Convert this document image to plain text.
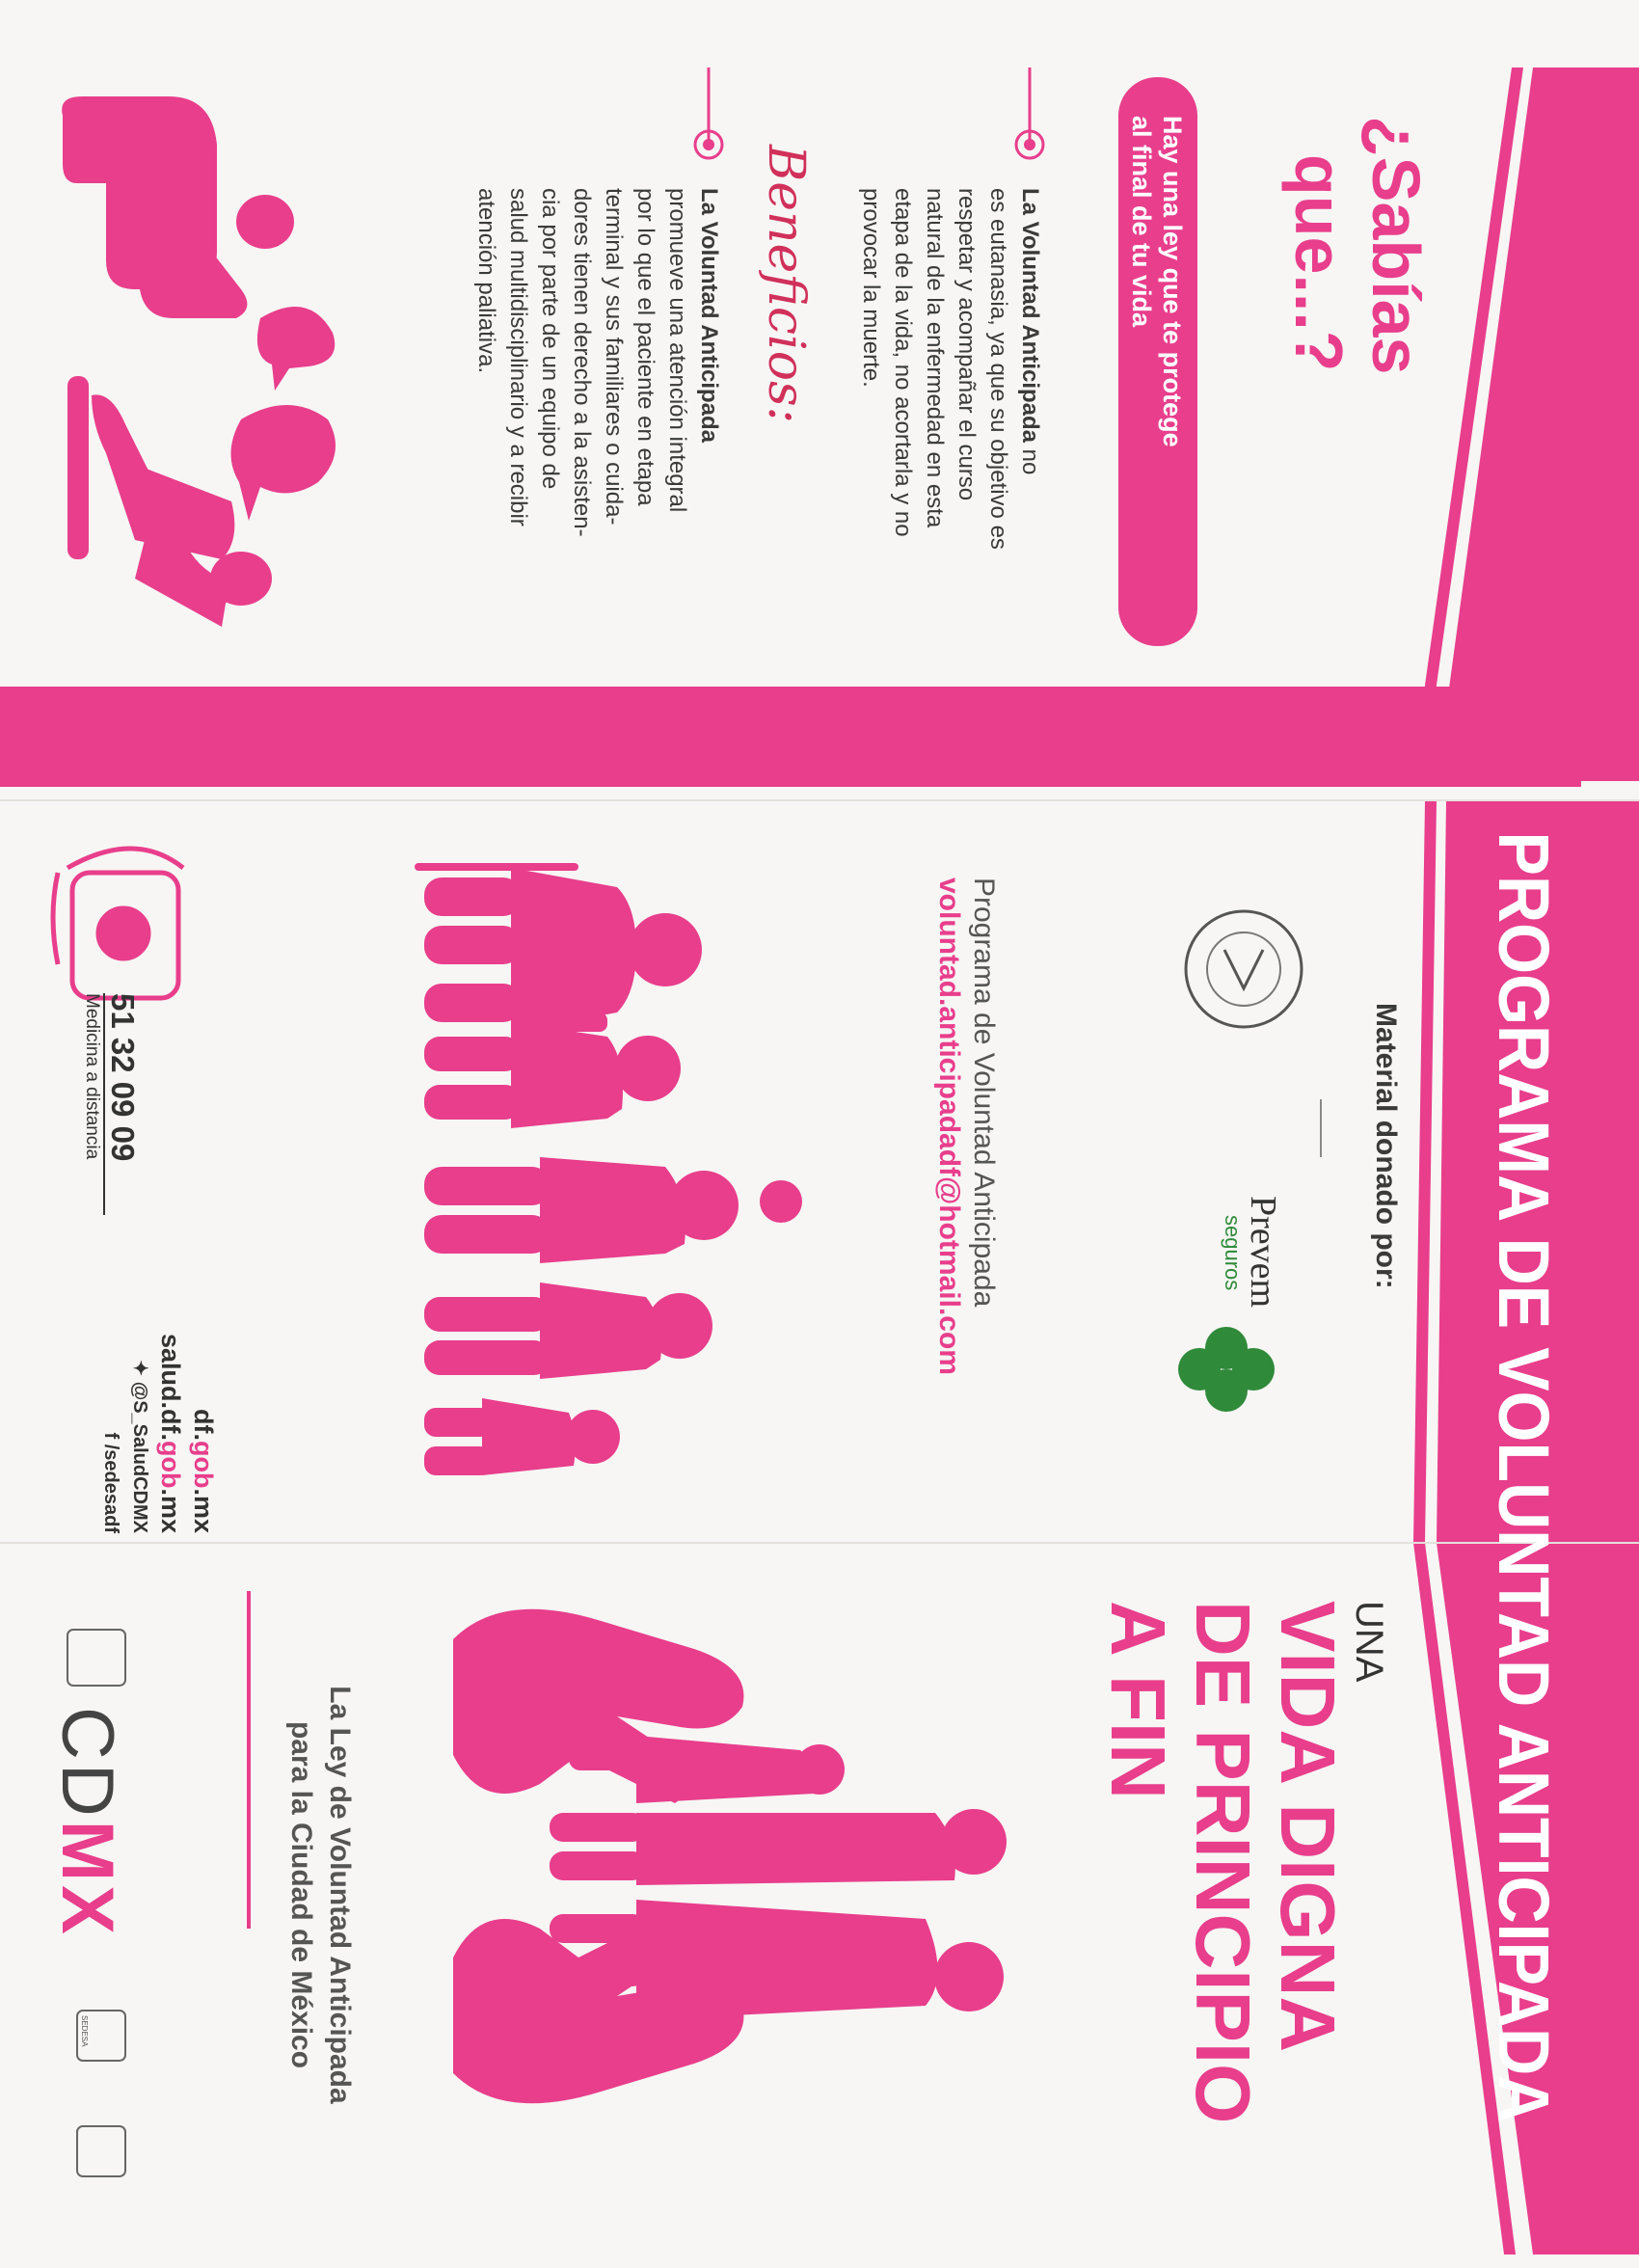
PROGRAMA DE VOLUNTAD ANTICIPADA
¿Sabías
que...?
Hay una ley que te protege
al final de tu vida
La Voluntad Anticipada no
es eutanasia, ya que su objetivo es
respetar y acompañar el curso
natural de la enfermedad en esta
etapa de la vida, no acortarla y no
provocar la muerte.
Beneficios:
La Voluntad Anticipada
promueve una atención integral
por lo que el paciente en etapa
terminal y sus familiares o cuida-
dores tienen derecho a la asisten-
cia por parte de un equipo de
salud multidisciplinario y a recibir
atención paliativa.
Material donado por:
Prevem
seguros
Programa de Voluntad Anticipada
voluntad.anticipadadf@hotmail.com
51 32 09 09
Medicina a distancia
df.gob.mx
salud.df.gob.mx
✦ @S_SaludCDMX
f /sedesadf
UNA
VIDA DIGNA
DE PRINCIPIO
A FIN
La Ley de Voluntad Anticipada
para la Ciudad de México
CDMX
SEDESA
